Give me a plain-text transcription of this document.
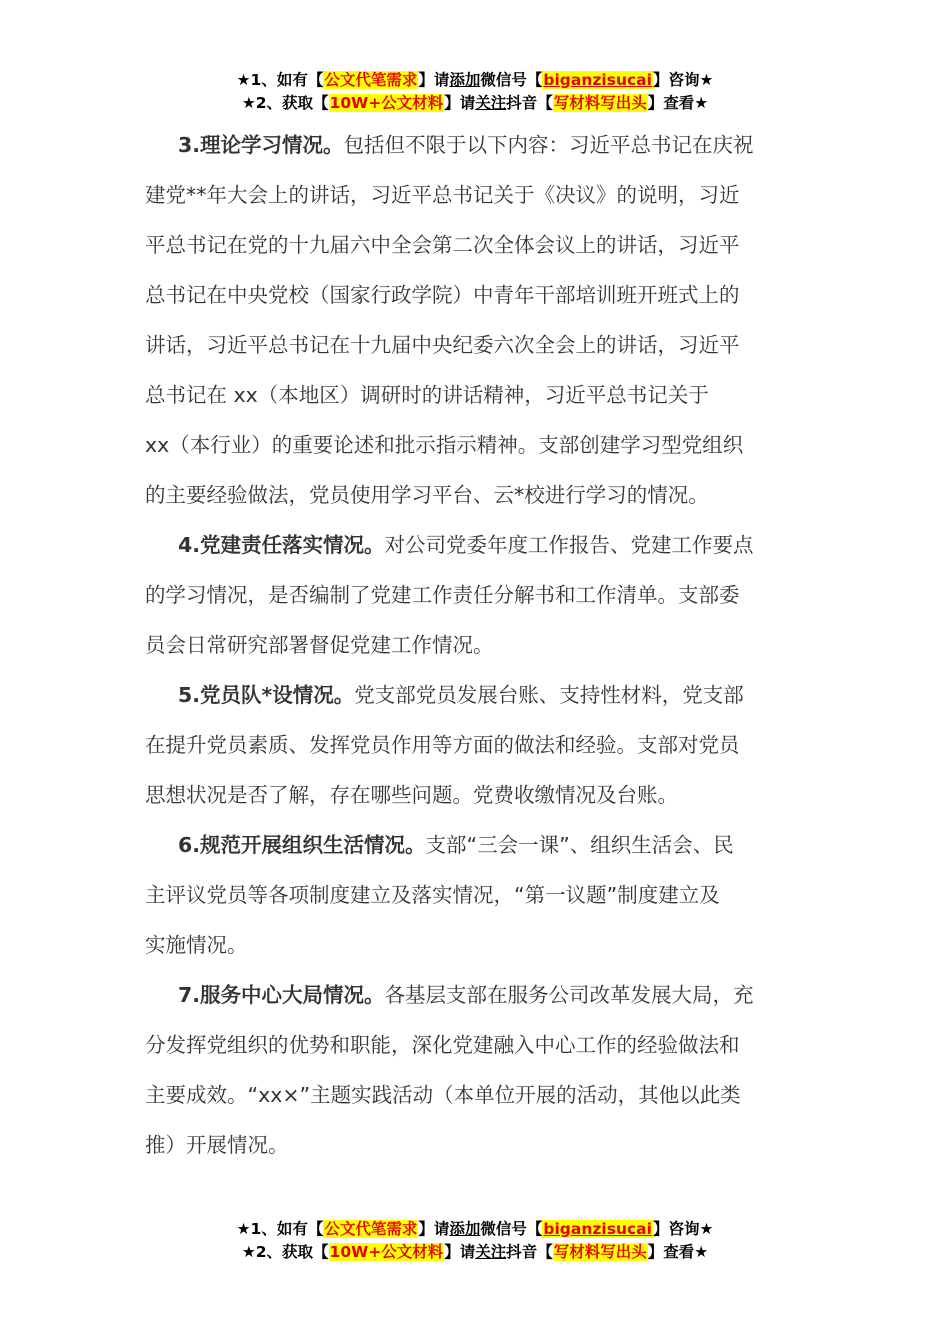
★1、如有【公文代笔需求】请添加微信号【biganzisucai】咨询★
★2、获取【10W+公文材料】请关注抖音【写材料写出头】查看★

3.理论学习情况。包括但不限于以下内容：习近平总书记在庆祝
建党**年大会上的讲话，习近平总书记关于《决议》的说明，习近
平总书记在党的十九届六中全会第二次全体会议上的讲话，习近平
总书记在中央党校（国家行政学院）中青年干部培训班开班式上的
讲话，习近平总书记在十九届中央纪委六次全会上的讲话，习近平
总书记在 xx（本地区）调研时的讲话精神，习近平总书记关于
xx（本行业）的重要论述和批示指示精神。支部创建学习型党组织
的主要经验做法，党员使用学习平台、云*校进行学习的情况。

4.党建责任落实情况。对公司党委年度工作报告、党建工作要点
的学习情况，是否编制了党建工作责任分解书和工作清单。支部委
员会日常研究部署督促党建工作情况。

5.党员队*设情况。党支部党员发展台账、支持性材料，党支部
在提升党员素质、发挥党员作用等方面的做法和经验。支部对党员
思想状况是否了解，存在哪些问题。党费收缴情况及台账。

6.规范开展组织生活情况。支部“三会一课”、组织生活会、民
主评议党员等各项制度建立及落实情况，“第一议题”制度建立及
实施情况。

7.服务中心大局情况。各基层支部在服务公司改革发展大局，充
分发挥党组织的优势和职能，深化党建融入中心工作的经验做法和
主要成效。“xx×”主题实践活动（本单位开展的活动，其他以此类
推）开展情况。

★1、如有【公文代笔需求】请添加微信号【biganzisucai】咨询★
★2、获取【10W+公文材料】请关注抖音【写材料写出头】查看★
